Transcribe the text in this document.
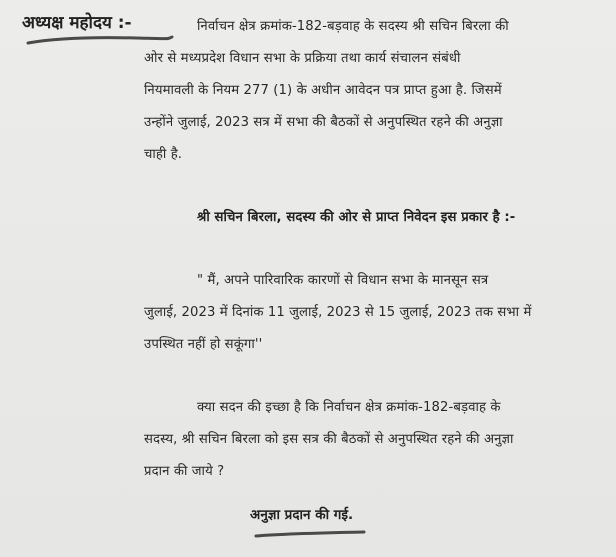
अध्यक्ष महोदय :-	निर्वाचन क्षेत्र क्रमांक-182-बड़वाह के सदस्य श्री सचिन बिरला की
ओर से मध्यप्रदेश विधान सभा के प्रक्रिया तथा कार्य संचालन संबंधी
नियमावली के नियम 277 (1) के अधीन आवेदन पत्र प्राप्त हुआ है. जिसमें
उन्होंने जुलाई, 2023 सत्र में सभा की बैठकों से अनुपस्थित रहने की अनुज्ञा
चाही है.
श्री सचिन बिरला, सदस्य की ओर से प्राप्त निवेदन इस प्रकार है :-
" मैं, अपने पारिवारिक कारणों से विधान सभा के मानसून सत्र
जुलाई, 2023 में दिनांक 11 जुलाई, 2023 से 15 जुलाई, 2023 तक सभा में
उपस्थित नहीं हो सकूंगा''
क्या सदन की इच्छा है कि निर्वाचन क्षेत्र क्रमांक-182-बड़वाह के
सदस्य, श्री सचिन बिरला को इस सत्र की बैठकों से अनुपस्थित रहने की अनुज्ञा
प्रदान की जाये ?
अनुज्ञा प्रदान की गई.
